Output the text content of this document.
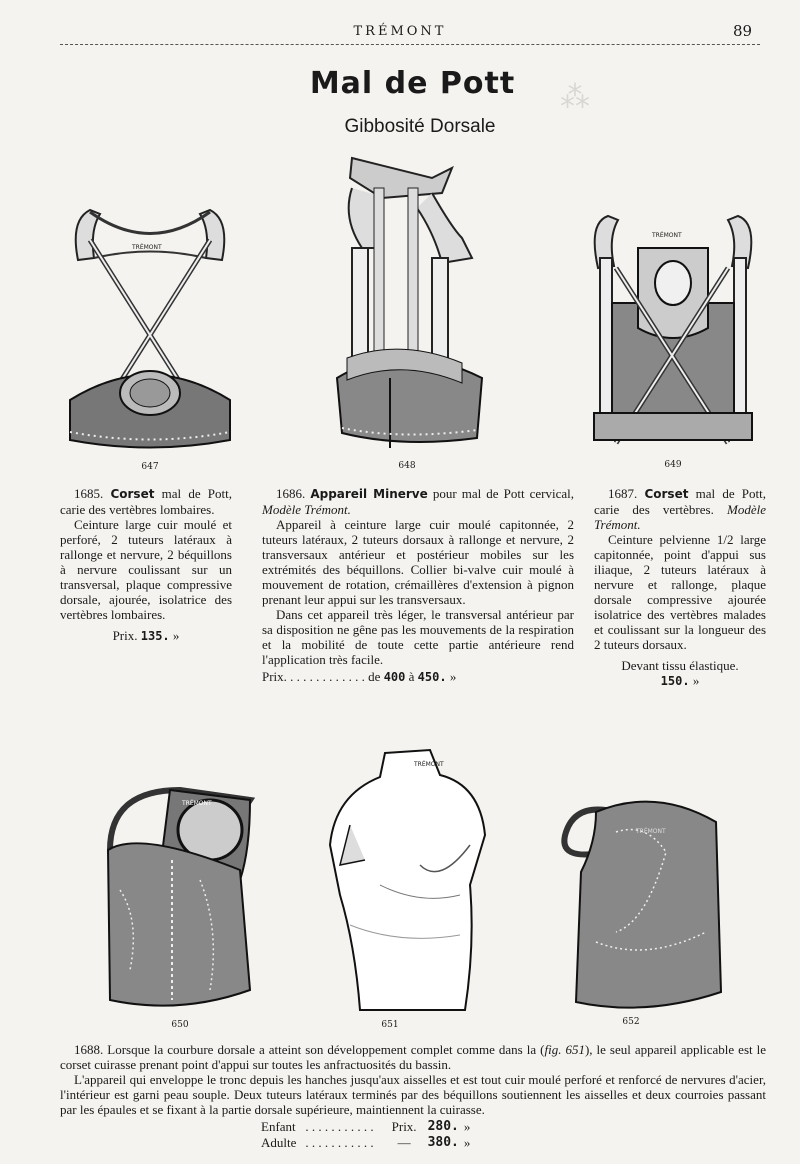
TRÉMONT	89
⁂
Mal de Pott
Gibbosité Dorsale
TRÉMONT
647	648
TRÉMONT
649

1685. Corset mal de Pott, carie des vertèbres lombaires.

Ceinture large cuir moulé et perforé, 2 tuteurs latéraux à rallonge et nervure, 2 béquillons à nervure coulissant sur un transversal, plaque compressive dorsale, ajourée, isolatrice des vertèbres lombaires.

Prix. 135. »

1686. Appareil Minerve pour mal de Pott cervical, Modèle Trémont.

Appareil à ceinture large cuir moulé capitonnée, 2 tuteurs latéraux, 2 tuteurs dorsaux à rallonge et nervure, 2 transversaux antérieur et postérieur mobiles sur les extrémités des béquillons. Collier bi-valve cuir moulé à mouvement de rotation, crémaillères d'extension à pignon prenant leur appui sur les transversaux.

Dans cet appareil très léger, le transversal antérieur par sa disposition ne gêne pas les mouvements de la respiration et la mobilité de toute cette partie antérieure rend l'application très facile.

Prix. . . . . . . . . . . . . de 400 à 450. »

1687. Corset mal de Pott, carie des vertèbres. Modèle Trémont.

Ceinture pelvienne 1/2 large capitonnée, point d'appui sus iliaque, 2 tuteurs latéraux à nervure et rallonge, plaque dorsale compressive ajourée isolatrice des vertèbres malades et coulissant sur la longueur des 2 tuteurs dorsaux.

Devant tissu élastique.
150. »
TRÉMONT
650
TRÉMONT
651
TRÉMONT
652

1688. Lorsque la courbure dorsale a atteint son développement complet comme dans la (fig. 651), le seul appareil applicable est le corset cuirasse prenant point d'appui sur toutes les anfractuosités du bassin.

L'appareil qui enveloppe le tronc depuis les hanches jusqu'aux aisselles et est tout cuir moulé perforé et renforcé de nervures d'acier, l'intérieur est garni peau souple. Deux tuteurs latéraux terminés par des béquillons soutiennent les aisselles et deux courroies passant par les épaules et se fixant à la partie dorsale supérieure, maintiennent la cuirasse.

Enfant	. . . . . . . . . . .	Prix.	280.	»
Adulte	. . . . . . . . . . .	—	380.	»
